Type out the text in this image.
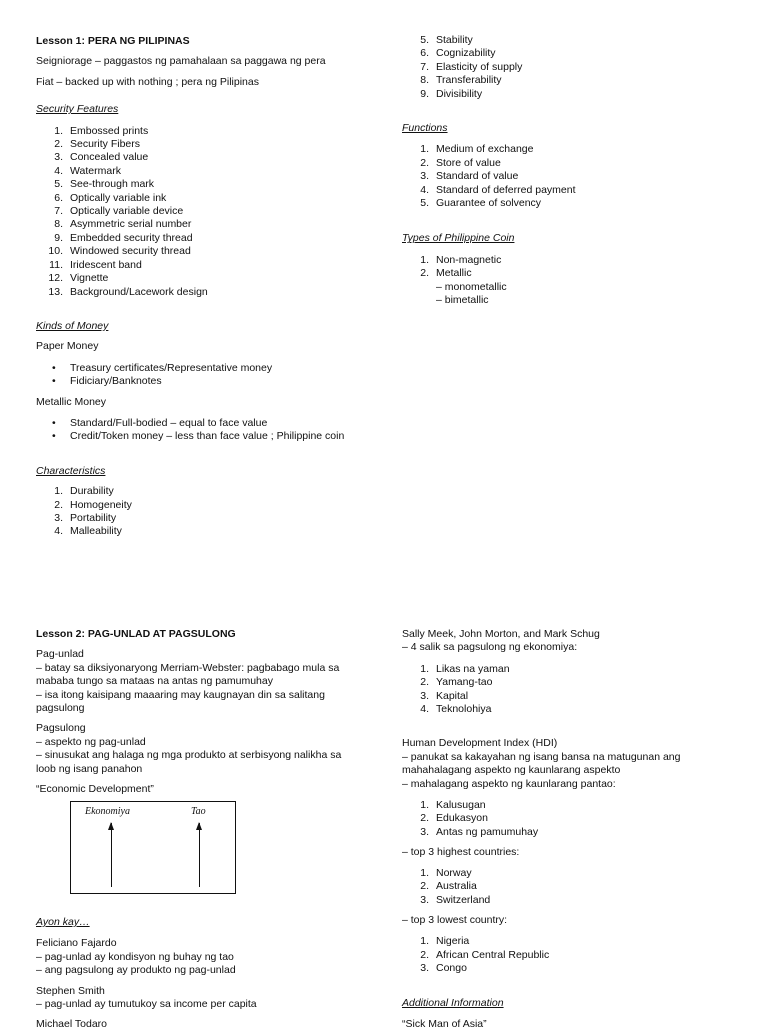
Lesson 1: PERA NG PILIPINAS

Seigniorage – paggastos ng pamahalaan sa paggawa ng pera

Fiat – backed up with nothing ; pera ng Pilipinas

Security Features

1. Embossed prints
2. Security Fibers
3. Concealed value
4. Watermark
5. See-through mark
6. Optically variable ink
7. Optically variable device
8. Asymmetric serial number
9. Embedded security thread
10. Windowed security thread
11. Iridescent band
12. Vignette
13. Background/Lacework design

Kinds of Money

Paper Money

• Treasury certificates/Representative money
• Fidiciary/Banknotes

Metallic Money

• Standard/Full-bodied – equal to face value
• Credit/Token money – less than face value ; Philippine coin

Characteristics

1. Durability
2. Homogeneity
3. Portability
4. Malleability
5. Stability
6. Cognizability
7. Elasticity of supply
8. Transferability
9. Divisibility

Functions

1. Medium of exchange
2. Store of value
3. Standard of value
4. Standard of deferred payment
5. Guarantee of solvency

Types of Philippine Coin

1. Non-magnetic
2. Metallic

– monometallic

– bimetallic

Lesson 2: PAG-UNLAD AT PAGSULONG

Pag-unlad

– batay sa diksiyonaryong Merriam-Webster: pagbabago mula sa

mababa tungo sa mataas na antas ng pamumuhay

– isa itong kaisipang maaaring may kaugnayan din sa salitang

pagsulong

Pagsulong

– aspekto ng pag-unlad

– sinusukat ang halaga ng mga produkto at serbisyong nalikha sa

loob ng isang panahon

“Economic Development”

Ekonomiya	Tao

Ayon kay…

Feliciano Fajardo

– pag-unlad ay kondisyon ng buhay ng tao

– ang pagsulong ay produkto ng pag-unlad

Stephen Smith

– pag-unlad ay tumutukoy sa income per capita

Michael Todaro

Sally Meek, John Morton, and Mark Schug

– 4 salik sa pagsulong ng ekonomiya:

1. Likas na yaman
2. Yamang-tao
3. Kapital
4. Teknolohiya

Human Development Index (HDI)

– panukat sa kakayahan ng isang bansa na matugunan ang

mahahalagang aspekto ng kaunlarang aspekto

– mahalagang aspekto ng kaunlarang pantao:

1. Kalusugan
2. Edukasyon
3. Antas ng pamumuhay

– top 3 highest countries:

1. Norway
2. Australia
3. Switzerland

– top 3 lowest country:

1. Nigeria
2. African Central Republic
3. Congo

Additional Information

“Sick Man of Asia”
